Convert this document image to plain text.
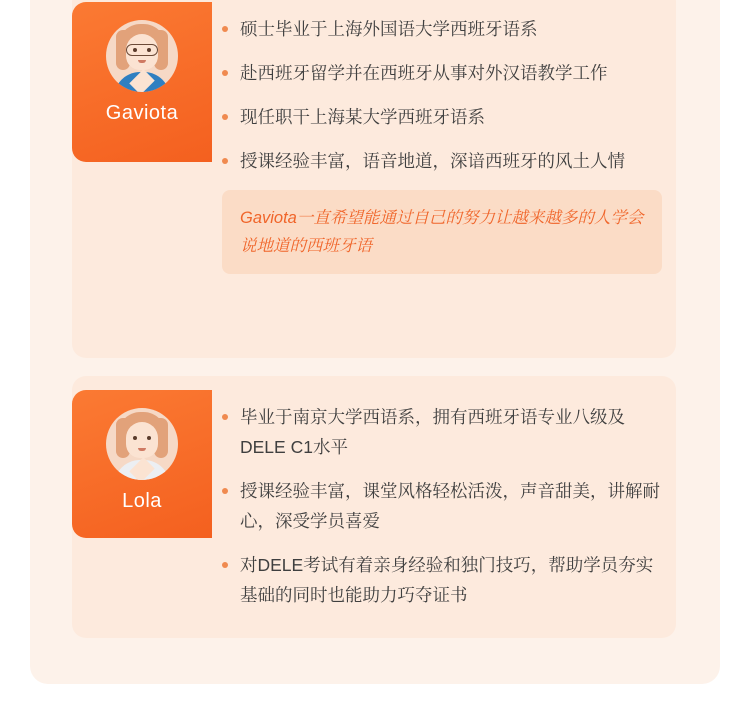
Gaviota
硕士毕业于上海外国语大学西班牙语系
赴西班牙留学并在西班牙从事对外汉语教学工作
现任职干上海某大学西班牙语系
授课经验丰富，语音地道，深谙西班牙的风土人情
Gaviota一直希望能通过自己的努力让越来越多的人学会说地道的西班牙语
Lola
毕业于南京大学西语系，拥有西班牙语专业八级及DELE C1水平
授课经验丰富，课堂风格轻松活泼，声音甜美，讲解耐心，深受学员喜爱
对DELE考试有着亲身经验和独门技巧，帮助学员夯实基础的同时也能助力巧夺证书
